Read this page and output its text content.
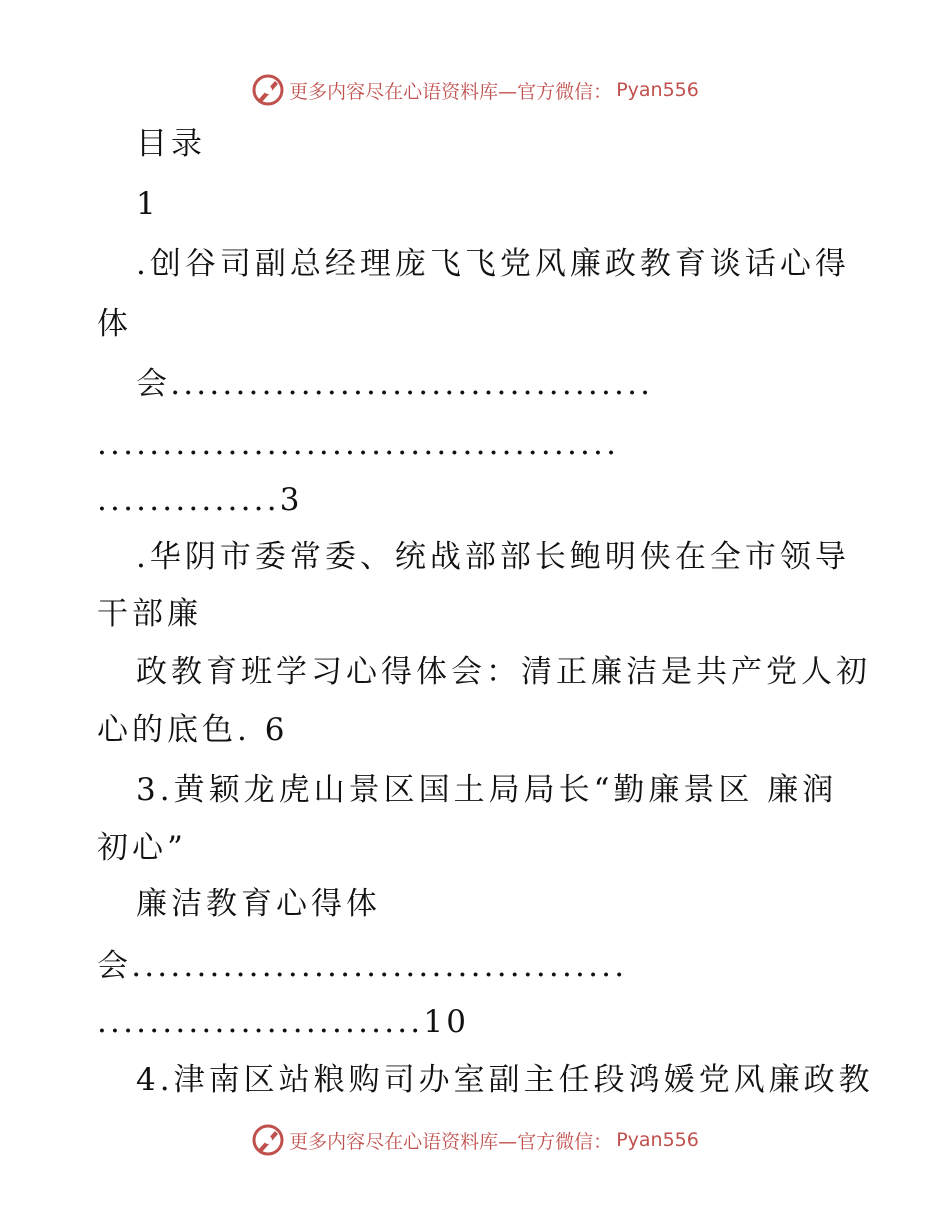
更多内容尽在心语资料库— 官方微信： Pyan556
目录
1
.创谷司副总经理庞飞飞党风廉政教育谈话心得
体
会.....................................
........................................
..............3
.华阴市委常委、统战部部长鲍明侠在全市领导
干部廉
政教育班学习心得体会：清正廉洁是共产党人初
心的底色. 6
3.黄颖龙虎山景区国土局局长“勤廉景区 廉润
初心”
廉洁教育心得体
会......................................
.........................10
4.津南区站粮购司办室副主任段鸿媛党风廉政教
更多内容尽在心语资料库— 官方微信： Pyan556
